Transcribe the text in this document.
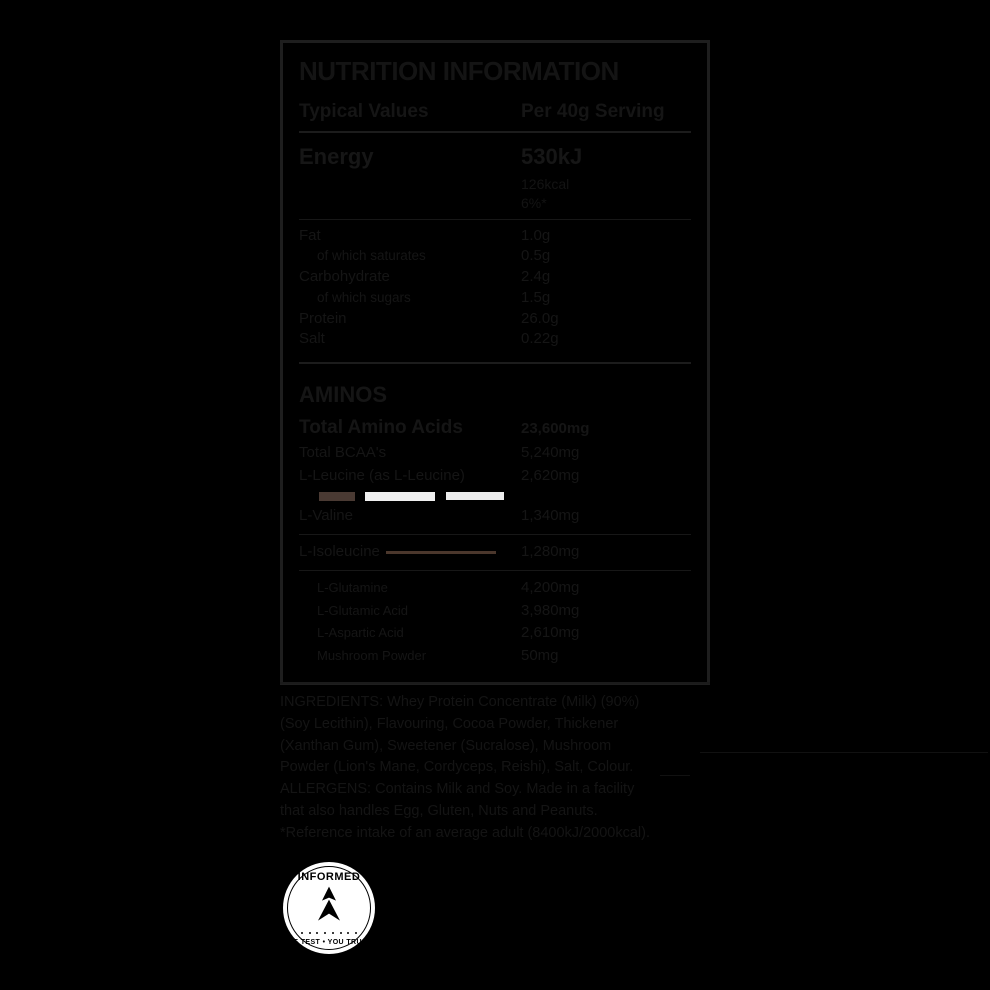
NUTRITION INFORMATION
Typical Values	Per 40g Serving
Energy	530kJ
126kcal
6%*
Fat	1.0g
of which saturates	0.5g
Carbohydrate	2.4g
of which sugars	1.5g
Protein	26.0g
Salt	0.22g
AMINOS
Total Amino Acids	23,600mg
Total BCAA's	5,240mg
L-Leucine (as L-Leucine)	2,620mg

L-Valine	1,340mg
L-Isoleucine	1,280mg
L-Glutamine	4,200mg
L-Glutamic Acid	3,980mg
L-Aspartic Acid	2,610mg
Mushroom Powder	50mg
INGREDIENTS: Whey Protein Concentrate (Milk) (90%)
(Soy Lecithin), Flavouring, Cocoa Powder, Thickener
(Xanthan Gum), Sweetener (Sucralose), Mushroom
Powder (Lion's Mane, Cordyceps, Reishi), Salt, Colour.
ALLERGENS: Contains Milk and Soy. Made in a facility
that also handles Egg, Gluten, Nuts and Peanuts.
*Reference intake of an average adult (8400kJ/2000kcal).
INFORMED
WE TEST • YOU TRUST
